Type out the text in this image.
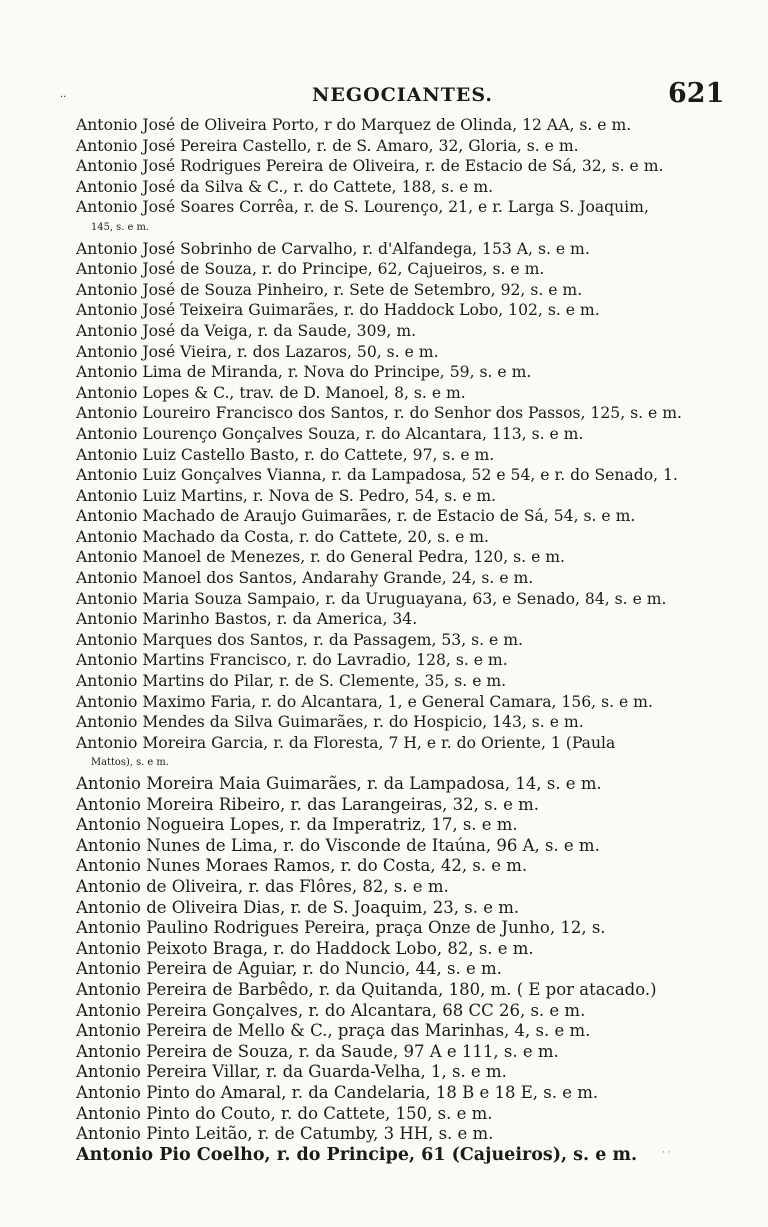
··	NEGOCIANTES.	621
Antonio José de Oliveira Porto, r do Marquez de Olinda, 12 AA, s. e m.
Antonio José Pereira Castello, r. de S. Amaro, 32, Gloria, s. e m.
Antonio José Rodrigues Pereira de Oliveira, r. de Estacio de Sá, 32, s. e m.
Antonio José da Silva & C., r. do Cattete, 188, s. e m.
Antonio José Soares Corrêa, r. de S. Lourenço, 21, e r. Larga S. Joaquim,
145, s. e m.
Antonio José Sobrinho de Carvalho, r. d'Alfandega, 153 A, s. e m.
Antonio José de Souza, r. do Principe, 62, Cajueiros, s. e m.
Antonio José de Souza Pinheiro, r. Sete de Setembro, 92, s. e m.
Antonio José Teixeira Guimarães, r. do Haddock Lobo, 102, s. e m.
Antonio José da Veiga, r. da Saude, 309, m.
Antonio José Vieira, r. dos Lazaros, 50, s. e m.
Antonio Lima de Miranda, r. Nova do Principe, 59, s. e m.
Antonio Lopes & C., trav. de D. Manoel, 8, s. e m.
Antonio Loureiro Francisco dos Santos, r. do Senhor dos Passos, 125, s. e m.
Antonio Lourenço Gonçalves Souza, r. do Alcantara, 113, s. e m.
Antonio Luiz Castello Basto, r. do Cattete, 97, s. e m.
Antonio Luiz Gonçalves Vianna, r. da Lampadosa, 52 e 54, e r. do Senado, 1.
Antonio Luiz Martins, r. Nova de S. Pedro, 54, s. e m.
Antonio Machado de Araujo Guimarães, r. de Estacio de Sá, 54, s. e m.
Antonio Machado da Costa, r. do Cattete, 20, s. e m.
Antonio Manoel de Menezes, r. do General Pedra, 120, s. e m.
Antonio Manoel dos Santos, Andarahy Grande, 24, s. e m.
Antonio Maria Souza Sampaio, r. da Uruguayana, 63, e Senado, 84, s. e m.
Antonio Marinho Bastos, r. da America, 34.
Antonio Marques dos Santos, r. da Passagem, 53, s. e m.
Antonio Martins Francisco, r. do Lavradio, 128, s. e m.
Antonio Martins do Pilar, r. de S. Clemente, 35, s. e m.
Antonio Maximo Faria, r. do Alcantara, 1, e General Camara, 156, s. e m.
Antonio Mendes da Silva Guimarães, r. do Hospicio, 143, s. e m.
Antonio Moreira Garcia, r. da Floresta, 7 H, e r. do Oriente, 1 (Paula
Mattos), s. e m.
Antonio Moreira Maia Guimarães, r. da Lampadosa, 14, s. e m.
Antonio Moreira Ribeiro, r. das Larangeiras, 32, s. e m.
Antonio Nogueira Lopes, r. da Imperatriz, 17, s. e m.
Antonio Nunes de Lima, r. do Visconde de Itaúna, 96 A, s. e m.
Antonio Nunes Moraes Ramos, r. do Costa, 42, s. e m.
Antonio de Oliveira, r. das Flôres, 82, s. e m.
Antonio de Oliveira Dias, r. de S. Joaquim, 23, s. e m.
Antonio Paulino Rodrigues Pereira, praça Onze de Junho, 12, s.
Antonio Peixoto Braga, r. do Haddock Lobo, 82, s. e m.
Antonio Pereira de Aguiar, r. do Nuncio, 44, s. e m.
Antonio Pereira de Barbêdo, r. da Quitanda, 180, m. ( E por atacado.)
Antonio Pereira Gonçalves, r. do Alcantara, 68 CC 26, s. e m.
Antonio Pereira de Mello & C., praça das Marinhas, 4, s. e m.
Antonio Pereira de Souza, r. da Saude, 97 A e 111, s. e m.
Antonio Pereira Villar, r. da Guarda-Velha, 1, s. e m.
Antonio Pinto do Amaral, r. da Candelaria, 18 B e 18 E, s. e m.
Antonio Pinto do Couto, r. do Cattete, 150, s. e m.
Antonio Pinto Leitão, r. de Catumby, 3 HH, s. e m.
Antonio Pio Coelho, r. do Principe, 61 (Cajueiros), s. e m.	· ·
